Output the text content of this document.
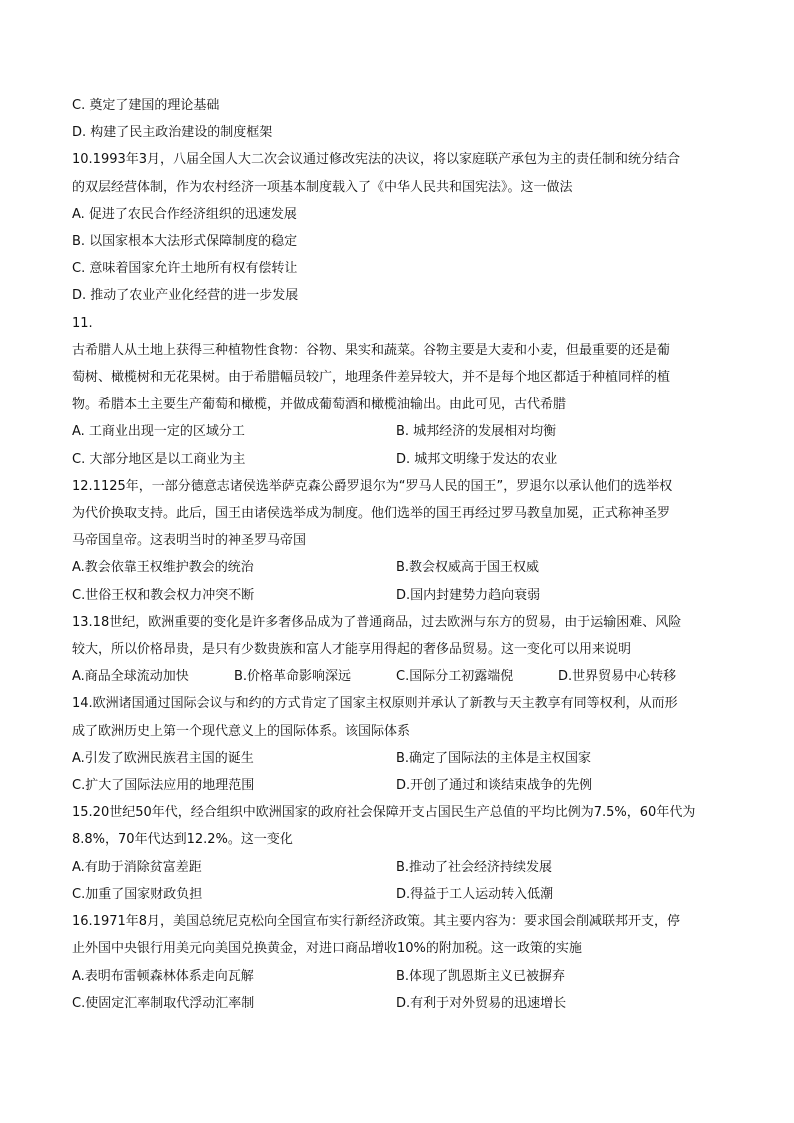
C. 奠定了建国的理论基础
D. 构建了民主政治建设的制度框架
10.1993年3月，八届全国人大二次会议通过修改宪法的决议，将以家庭联产承包为主的责任制和统分结合
的双层经营体制，作为农村经济一项基本制度载入了《中华人民共和国宪法》。这一做法
A. 促进了农民合作经济组织的迅速发展
B. 以国家根本大法形式保障制度的稳定
C. 意味着国家允许土地所有权有偿转让
D. 推动了农业产业化经营的进一步发展
11.
古希腊人从土地上获得三种植物性食物：谷物、果实和蔬菜。谷物主要是大麦和小麦，但最重要的还是葡
萄树、橄榄树和无花果树。由于希腊幅员较广，地理条件差异较大，并不是每个地区都适于种植同样的植
物。希腊本土主要生产葡萄和橄榄，并做成葡萄酒和橄榄油输出。由此可见，古代希腊
A. 工商业出现一定的区域分工	B. 城邦经济的发展相对均衡
C. 大部分地区是以工商业为主	D. 城邦文明缘于发达的农业
12.1125年，一部分德意志诸侯选举萨克森公爵罗退尔为“罗马人民的国王”，罗退尔以承认他们的选举权
为代价换取支持。此后，国王由诸侯选举成为制度。他们选举的国王再经过罗马教皇加冕，正式称神圣罗
马帝国皇帝。这表明当时的神圣罗马帝国
A.教会依靠王权维护教会的统治	B.教会权威高于国王权威
C.世俗王权和教会权力冲突不断	D.国内封建势力趋向衰弱
13.18世纪，欧洲重要的变化是许多奢侈品成为了普通商品，过去欧洲与东方的贸易，由于运输困难、风险
较大，所以价格昂贵，是只有少数贵族和富人才能享用得起的奢侈品贸易。这一变化可以用来说明
A.商品全球流动加快	B.价格革命影响深远	C.国际分工初露端倪	D.世界贸易中心转移
14.欧洲诸国通过国际会议与和约的方式肯定了国家主权原则并承认了新教与天主教享有同等权利，从而形
成了欧洲历史上第一个现代意义上的国际体系。该国际体系
A.引发了欧洲民族君主国的诞生	B.确定了国际法的主体是主权国家
C.扩大了国际法应用的地理范围	D.开创了通过和谈结束战争的先例
15.20世纪50年代，经合组织中欧洲国家的政府社会保障开支占国民生产总值的平均比例为7.5%，60年代为
8.8%，70年代达到12.2%。这一变化
A.有助于消除贫富差距	B.推动了社会经济持续发展
C.加重了国家财政负担	D.得益于工人运动转入低潮
16.1971年8月，美国总统尼克松向全国宣布实行新经济政策。其主要内容为：要求国会削减联邦开支，停
止外国中央银行用美元向美国兑换黄金，对进口商品增收10%的附加税。这一政策的实施
A.表明布雷顿森林体系走向瓦解	B.体现了凯恩斯主义已被摒弃
C.使固定汇率制取代浮动汇率制	D.有利于对外贸易的迅速增长
